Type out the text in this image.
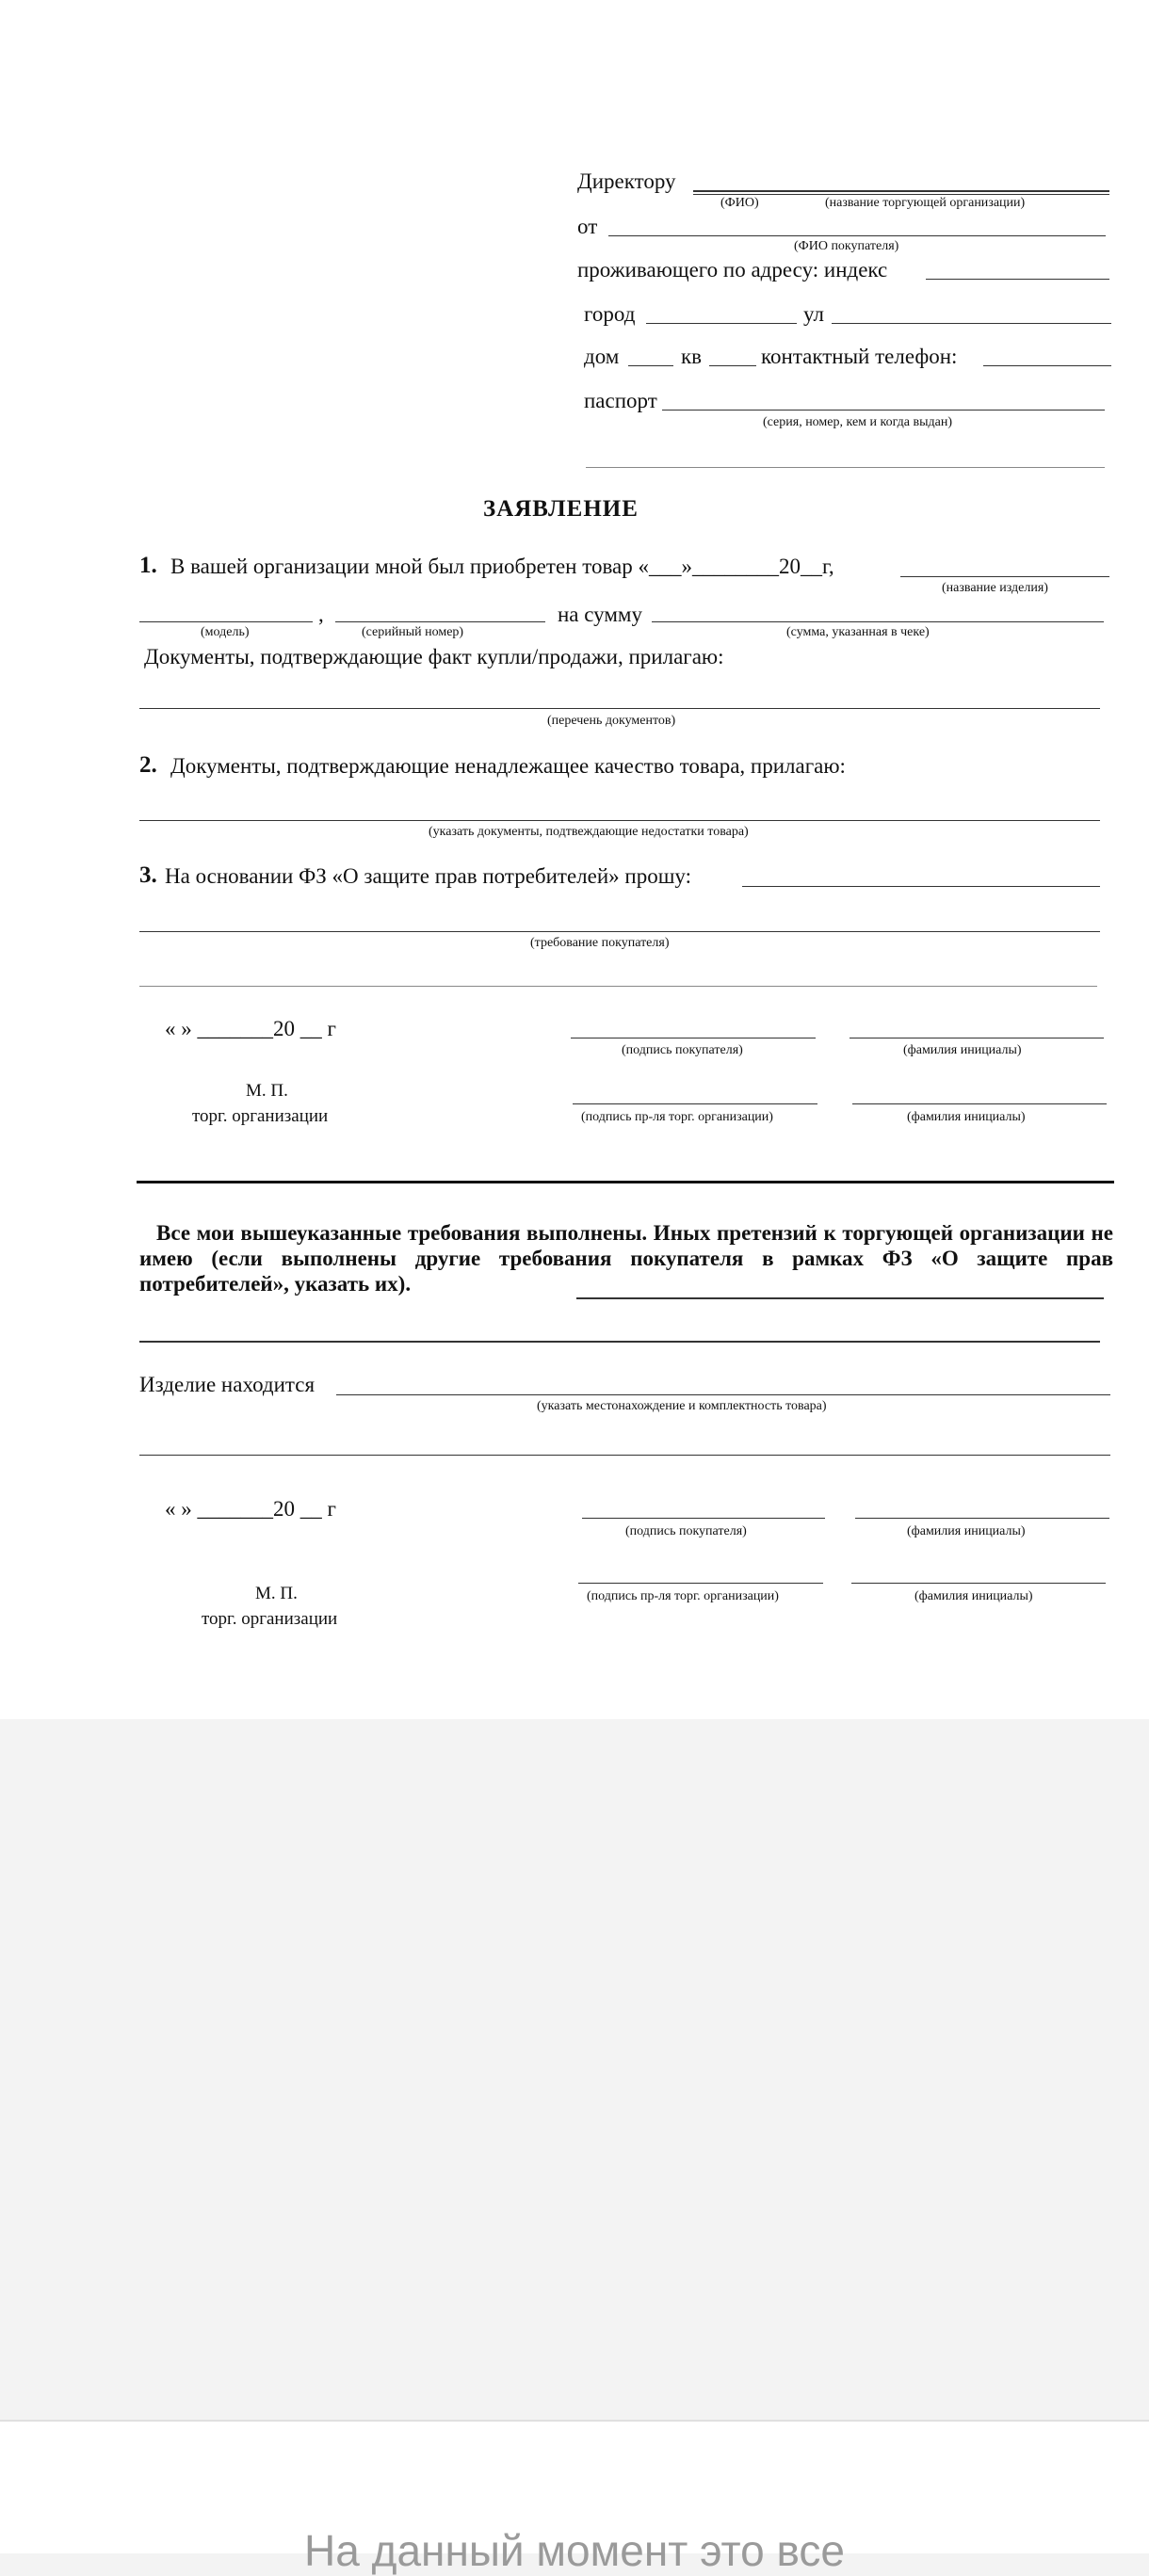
Директору
(ФИО)	(название торгующей организации)
от
(ФИО покупателя)
проживающего по адресу: индекс
город	ул
дом	кв	контактный телефон:
паспорт
(серия, номер, кем и когда выдан)
ЗАЯВЛЕНИЕ
1. В вашей организации мной был приобретен товар «___»________20__г,
(название изделия)
,	на сумму
(модель)	(серийный номер)	(сумма, указанная в чеке)
Документы, подтверждающие факт купли/продажи, прилагаю:
(перечень документов)
2. Документы, подтверждающие ненадлежащее качество товара, прилагаю:
(указать документы, подтвеждающие недостатки товара)
3. На основании ФЗ «О защите прав потребителей» прошу:
(требование покупателя)
« » _______20 __ г
(подпись покупателя)	(фамилия инициалы)
М. П.
торг. организации	(подпись пр-ля торг. организации)	(фамилия инициалы)
Все мои вышеуказанные требования выполнены. Иных претензий к торгующей организации не имею (если выполнены другие требования покупателя в рамках ФЗ «О защите прав потребителей», указать их).
Изделие находится
(указать местонахождение и комплектность товара)
« » _______20 __ г
(подпись покупателя)	(фамилия инициалы)
(подпись пр-ля торг. организации)	(фамилия инициалы)
М. П.
торг. организации
На данный момент это все
